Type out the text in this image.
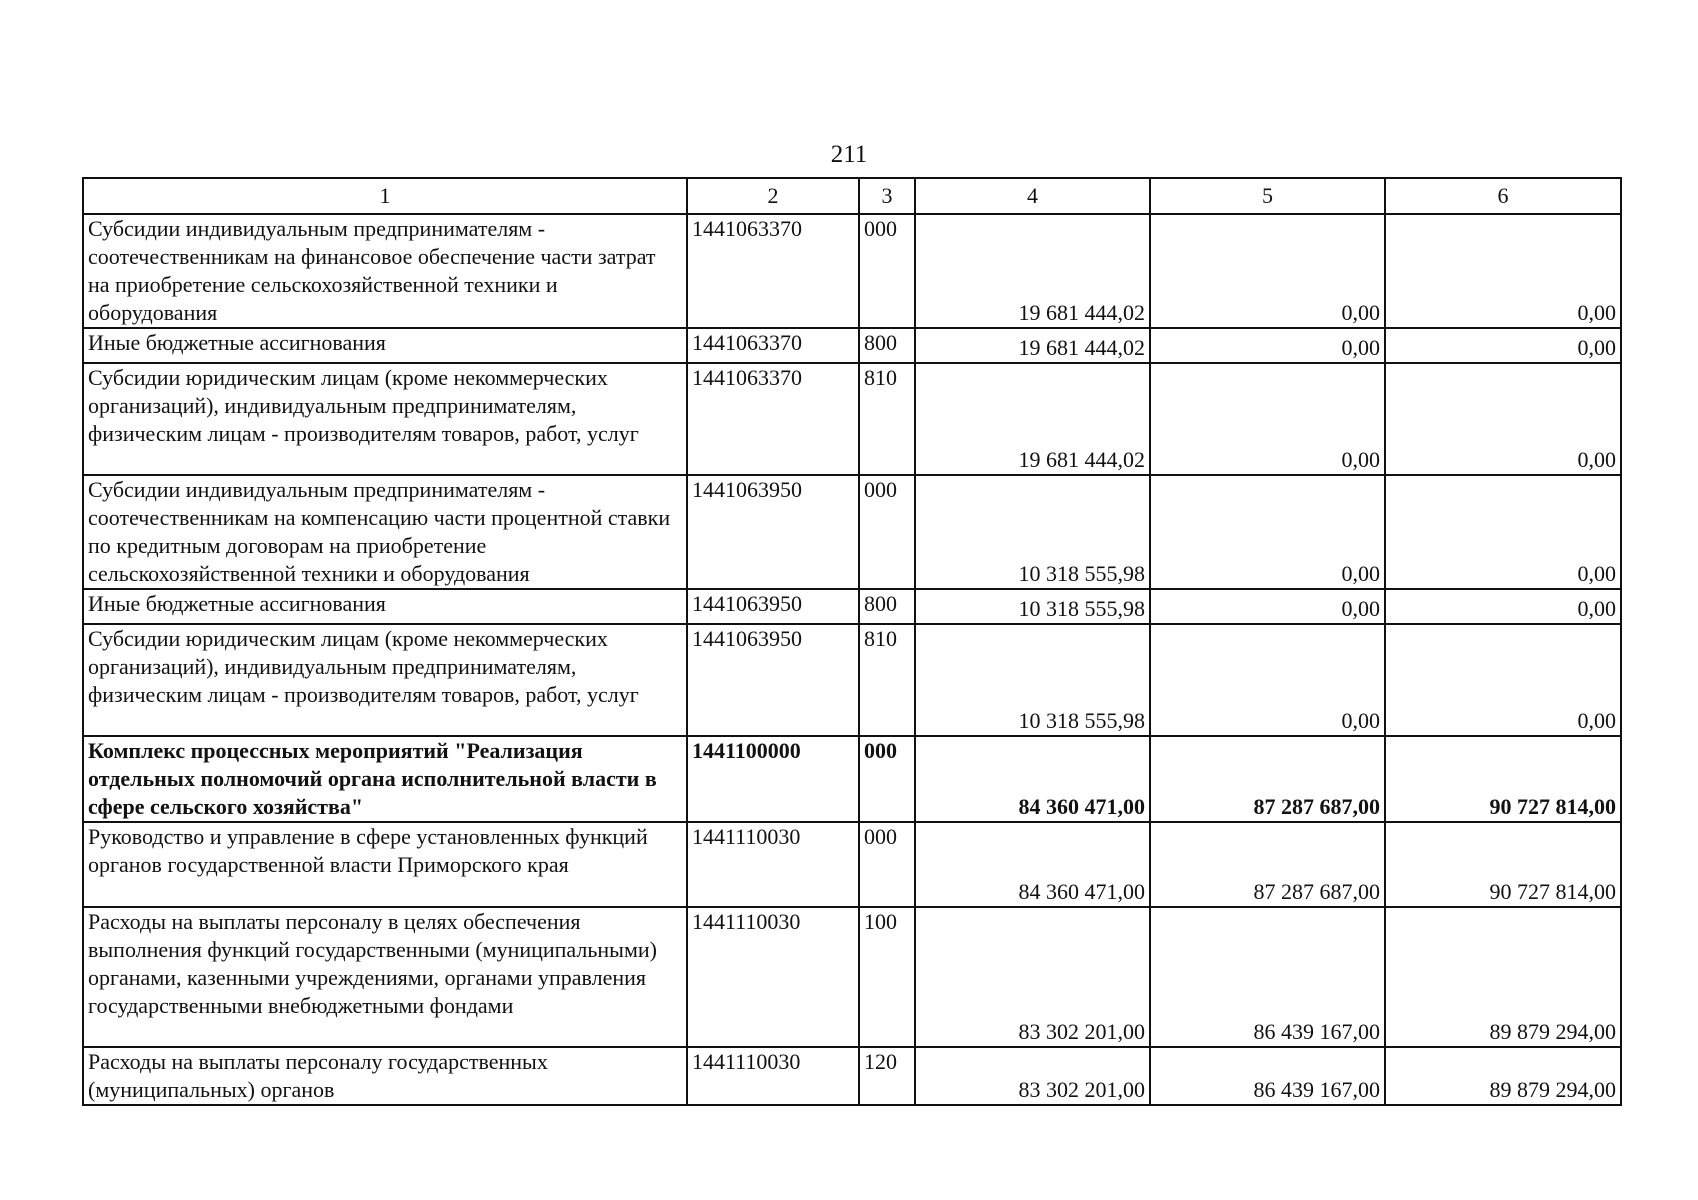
211
1	2	3	4	5	6
Субсидии индивидуальным предпринимателям - соотечественникам на финансовое обеспечение части затрат на приобретение сельскохозяйственной техники и оборудования	1441063370	000	19 681 444,02	0,00	0,00
Иные бюджетные ассигнования	1441063370	800	19 681 444,02	0,00	0,00
Субсидии юридическим лицам (кроме некоммерческих организаций), индивидуальным предпринимателям, физическим лицам - производителям товаров, работ, услуг	1441063370	810	19 681 444,02	0,00	0,00
Субсидии индивидуальным предпринимателям - соотечественникам на компенсацию части процентной ставки по кредитным договорам на приобретение сельскохозяйственной техники и оборудования	1441063950	000	10 318 555,98	0,00	0,00
Иные бюджетные ассигнования	1441063950	800	10 318 555,98	0,00	0,00
Субсидии юридическим лицам (кроме некоммерческих организаций), индивидуальным предпринимателям, физическим лицам - производителям товаров, работ, услуг	1441063950	810	10 318 555,98	0,00	0,00
Комплекс процессных мероприятий "Реализация отдельных полномочий органа исполнительной власти в сфере сельского хозяйства"	1441100000	000	84 360 471,00	87 287 687,00	90 727 814,00
Руководство и управление в сфере установленных функций органов государственной власти Приморского края	1441110030	000	84 360 471,00	87 287 687,00	90 727 814,00
Расходы на выплаты персоналу в целях обеспечения выполнения функций государственными (муниципальными) органами, казенными учреждениями, органами управления государственными внебюджетными фондами	1441110030	100	83 302 201,00	86 439 167,00	89 879 294,00
Расходы на выплаты персоналу государственных (муниципальных) органов	1441110030	120	83 302 201,00	86 439 167,00	89 879 294,00
